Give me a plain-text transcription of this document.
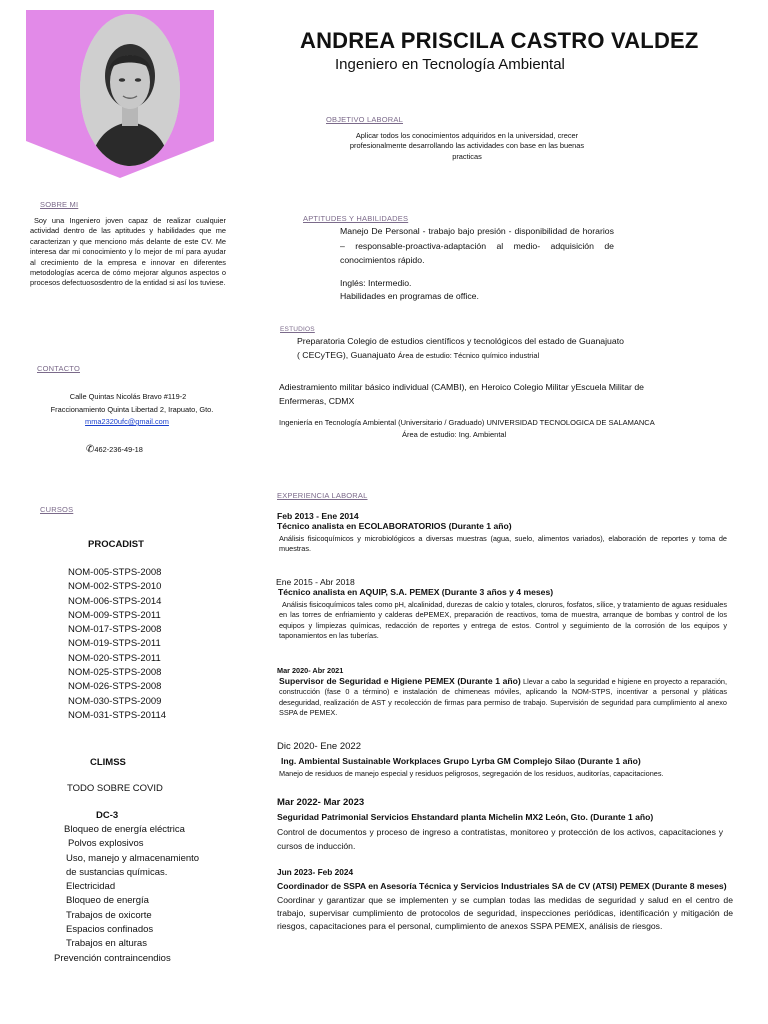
ANDREA PRISCILA CASTRO VALDEZ
Ingeniero en Tecnología Ambiental
SOBRE MI
Soy una Ingeniero joven capaz de realizar cualquier actividad dentro de las aptitudes y habilidades que me caracterizan y que menciono más delante de este CV. Me interesa dar mi conocimiento y lo mejor de mí para ayudar al crecimiento de la empresa e innovar en diferentes metodologías acerca de cómo mejorar algunos aspectos o procesos defectuososdentro de la entidad si así los tuviese.
CONTACTO
Calle Quintas Nicolás Bravo #119-2
Fraccionamiento Quinta Libertad 2, Irapuato, Gto.
mma2320ufc@gmail.com
✆462-236-49-18
CURSOS
PROCADIST
NOM-005-STPS-2008
NOM-002-STPS-2010
NOM-006-STPS-2014
NOM-009-STPS-2011
NOM-017-STPS-2008
NOM-019-STPS-2011
NOM-020-STPS-2011
NOM-025-STPS-2008
NOM-026-STPS-2008
NOM-030-STPS-2009
NOM-031-STPS-20114
CLIMSS
TODO SOBRE COVID
DC-3
Bloqueo de energía eléctrica
Polvos explosivos
Uso, manejo y almacenamiento
de sustancias químicas.
Electricidad
Bloqueo de energía
Trabajos de oxicorte
Espacios confinados
Trabajos en alturas
Prevención contraincendios
OBJETIVO LABORAL
Aplicar todos los conocimientos adquiridos en la universidad, crecer profesionalmente desarrollando las actividades con base en las buenas practicas
APTITUDES Y HABILIDADES
Manejo De Personal - trabajo bajo presión - disponibilidad de horarios – responsable-proactiva-adaptación al medio- adquisición de conocimientos rápido.
Inglés: Intermedio.
Habilidades en programas de office.
ESTUDIOS
Preparatoria Colegio de estudios científicos y tecnológicos del estado de Guanajuato
( CECyTEG), Guanajuato Área de estudio: Técnico químico industrial
Adiestramiento militar básico individual (CAMBI), en Heroico Colegio Militar yEscuela Militar de Enfermeras, CDMX
Ingeniería en Tecnología Ambiental (Universitario / Graduado) UNIVERSIDAD TECNOLOGICA DE SALAMANCA
Área de estudio: Ing. Ambiental
EXPERIENCIA LABORAL
Feb 2013 - Ene 2014
Técnico analista en ECOLABORATORIOS (Durante 1 año)
Análisis fisicoquímicos y microbiológicos a diversas muestras (agua, suelo, alimentos variados), elaboración de reportes y toma de muestras.
Ene 2015 - Abr 2018
Técnico analista en AQUIP, S.A. PEMEX (Durante 3 años y 4 meses)
Análisis fisicoquímicos tales como pH, alcalinidad, durezas de calcio y totales, cloruros, fosfatos, sílice, y tratamiento de aguas residuales en las torres de enfriamiento y calderas dePEMEX, preparación de reactivos, toma de muestra, arranque de bombas y control de los equipos y limpiezas químicas, redacción de reportes y entrega de estos. Control y seguimiento de la corrosión de los equipos y taponamientos en las tuberías.
Mar 2020- Abr 2021
Supervisor de Seguridad e Higiene PEMEX (Durante 1 año) Llevar a cabo la seguridad e higiene en proyecto a reparación, construcción (fase 0 a término) e instalación de chimeneas móviles, aplicando la NOM-STPS, incentivar a personal y pláticas deseguridad, realización de AST y recolección de firmas para permiso de trabajo. Supervisión de seguridad para cumplimiento al anexo SSPA de PEMEX.
Dic 2020- Ene 2022
Ing. Ambiental Sustainable Workplaces Grupo Lyrba GM Complejo Silao (Durante 1 año)
Manejo de residuos de manejo especial y residuos peligrosos, segregación de los residuos, auditorías, capacitaciones.
Mar 2022- Mar 2023
Seguridad Patrimonial Servicios Ehstandard planta Michelin MX2 León, Gto. (Durante 1 año)
Control de documentos y proceso de ingreso a contratistas, monitoreo y protección de los activos, capacitaciones y cursos de inducción.
Jun 2023- Feb 2024
Coordinador de SSPA en Asesoría Técnica y Servicios Industriales SA de CV (ATSI) PEMEX (Durante 8 meses)
Coordinar y garantizar que se implementen y se cumplan todas las medidas de seguridad y salud en el centro de trabajo, supervisar cumplimiento de protocolos de seguridad, inspecciones periódicas, identificación y mitigación de riesgos, capacitaciones para el personal, cumplimiento de anexos SSPA PEMEX, análisis de riesgos.
